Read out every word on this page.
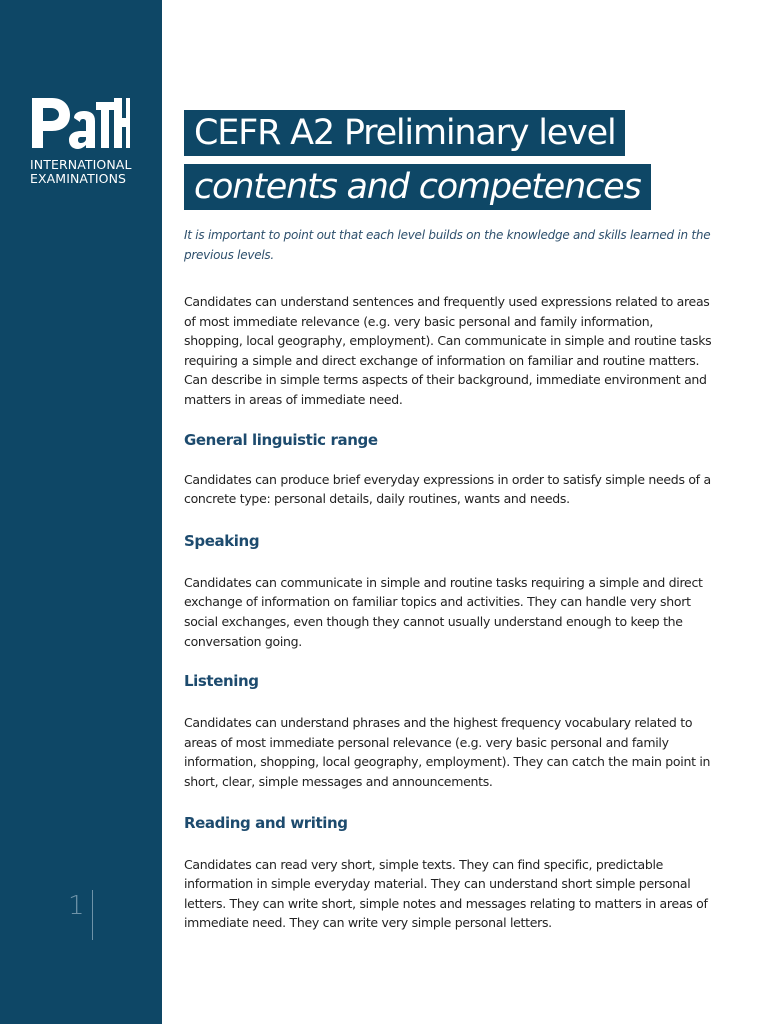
INTERNATIONAL
EXAMINATIONS
1
CEFR A2 Preliminary level
contents and competences

It is important to point out that each level builds on the knowledge and skills learned in the previous levels.

Candidates can understand sentences and frequently used expressions related to areas of most immediate relevance (e.g. very basic personal and family information, shopping, local geography, employment). Can communicate in simple and routine tasks requiring a simple and direct exchange of information on familiar and routine matters. Can describe in simple terms aspects of their background, immediate environment and matters in areas of immediate need.

General linguistic range

Candidates can produce brief everyday expressions in order to satisfy simple needs of a concrete type: personal details, daily routines, wants and needs.

Speaking

Candidates can communicate in simple and routine tasks requiring a simple and direct exchange of information on familiar topics and activities. They can handle very short social exchanges, even though they cannot usually understand enough to keep the conversation going.

Listening

Candidates can understand phrases and the highest frequency vocabulary related to areas of most immediate personal relevance (e.g. very basic personal and family information, shopping, local geography, employment). They can catch the main point in short, clear, simple messages and announcements.

Reading and writing

Candidates can read very short, simple texts. They can find specific, predictable information in simple everyday material. They can understand short simple personal letters. They can write short, simple notes and messages relating to matters in areas of immediate need. They can write very simple personal letters.
